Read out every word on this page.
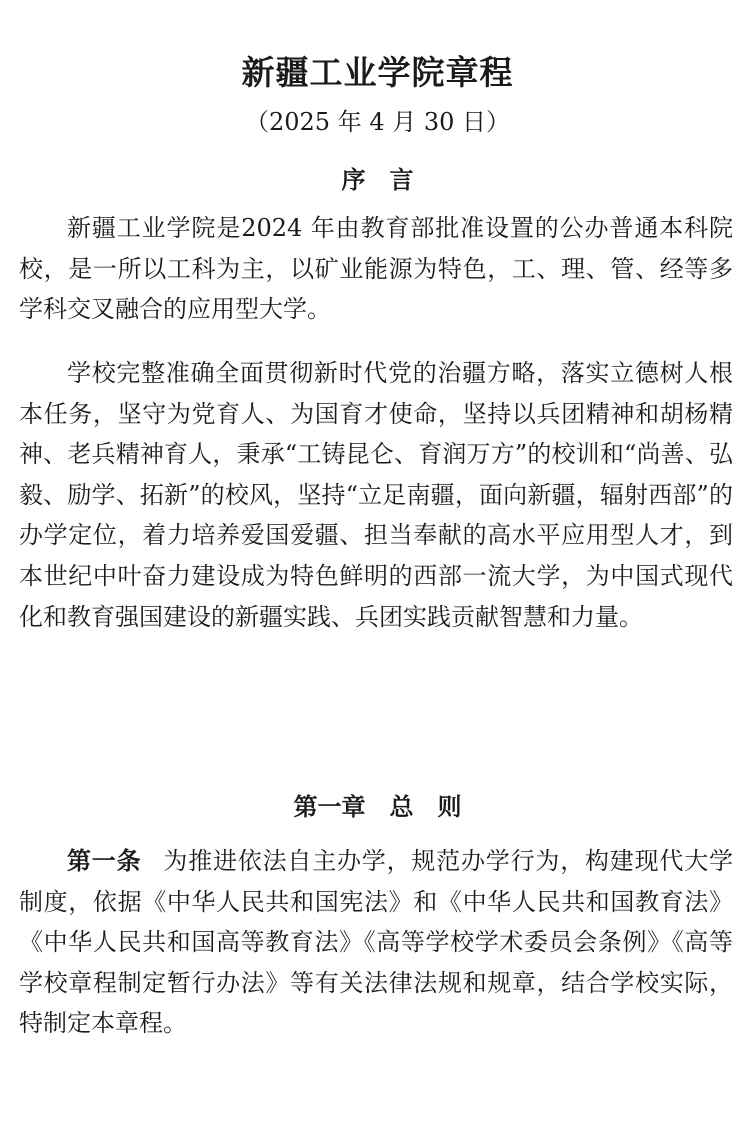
新疆工业学院章程
（2025 年 4 月 30 日）
序　言

新疆工业学院是2024 年由教育部批准设置的公办普通本科院校，是一所以工科为主，以矿业能源为特色，工、理、管、经等多学科交叉融合的应用型大学。

学校完整准确全面贯彻新时代党的治疆方略，落实立德树人根本任务，坚守为党育人、为国育才使命，坚持以兵团精神和胡杨精神、老兵精神育人，秉承“工铸昆仑、育润万方”的校训和“尚善、弘毅、励学、拓新”的校风，坚持“立足南疆，面向新疆，辐射西部”的办学定位，着力培养爱国爱疆、担当奉献的高水平应用型人才，到本世纪中叶奋力建设成为特色鲜明的西部一流大学，为中国式现代化和教育强国建设的新疆实践、兵团实践贡献智慧和力量。

第一章　总　则

第一条 为推进依法自主办学，规范办学行为，构建现代大学制度，依据《中华人民共和国宪法》和《中华人民共和国教育法》《中华人民共和国高等教育法》《高等学校学术委员会条例》《高等学校章程制定暂行办法》等有关法律法规和规章，结合学校实际，特制定本章程。
